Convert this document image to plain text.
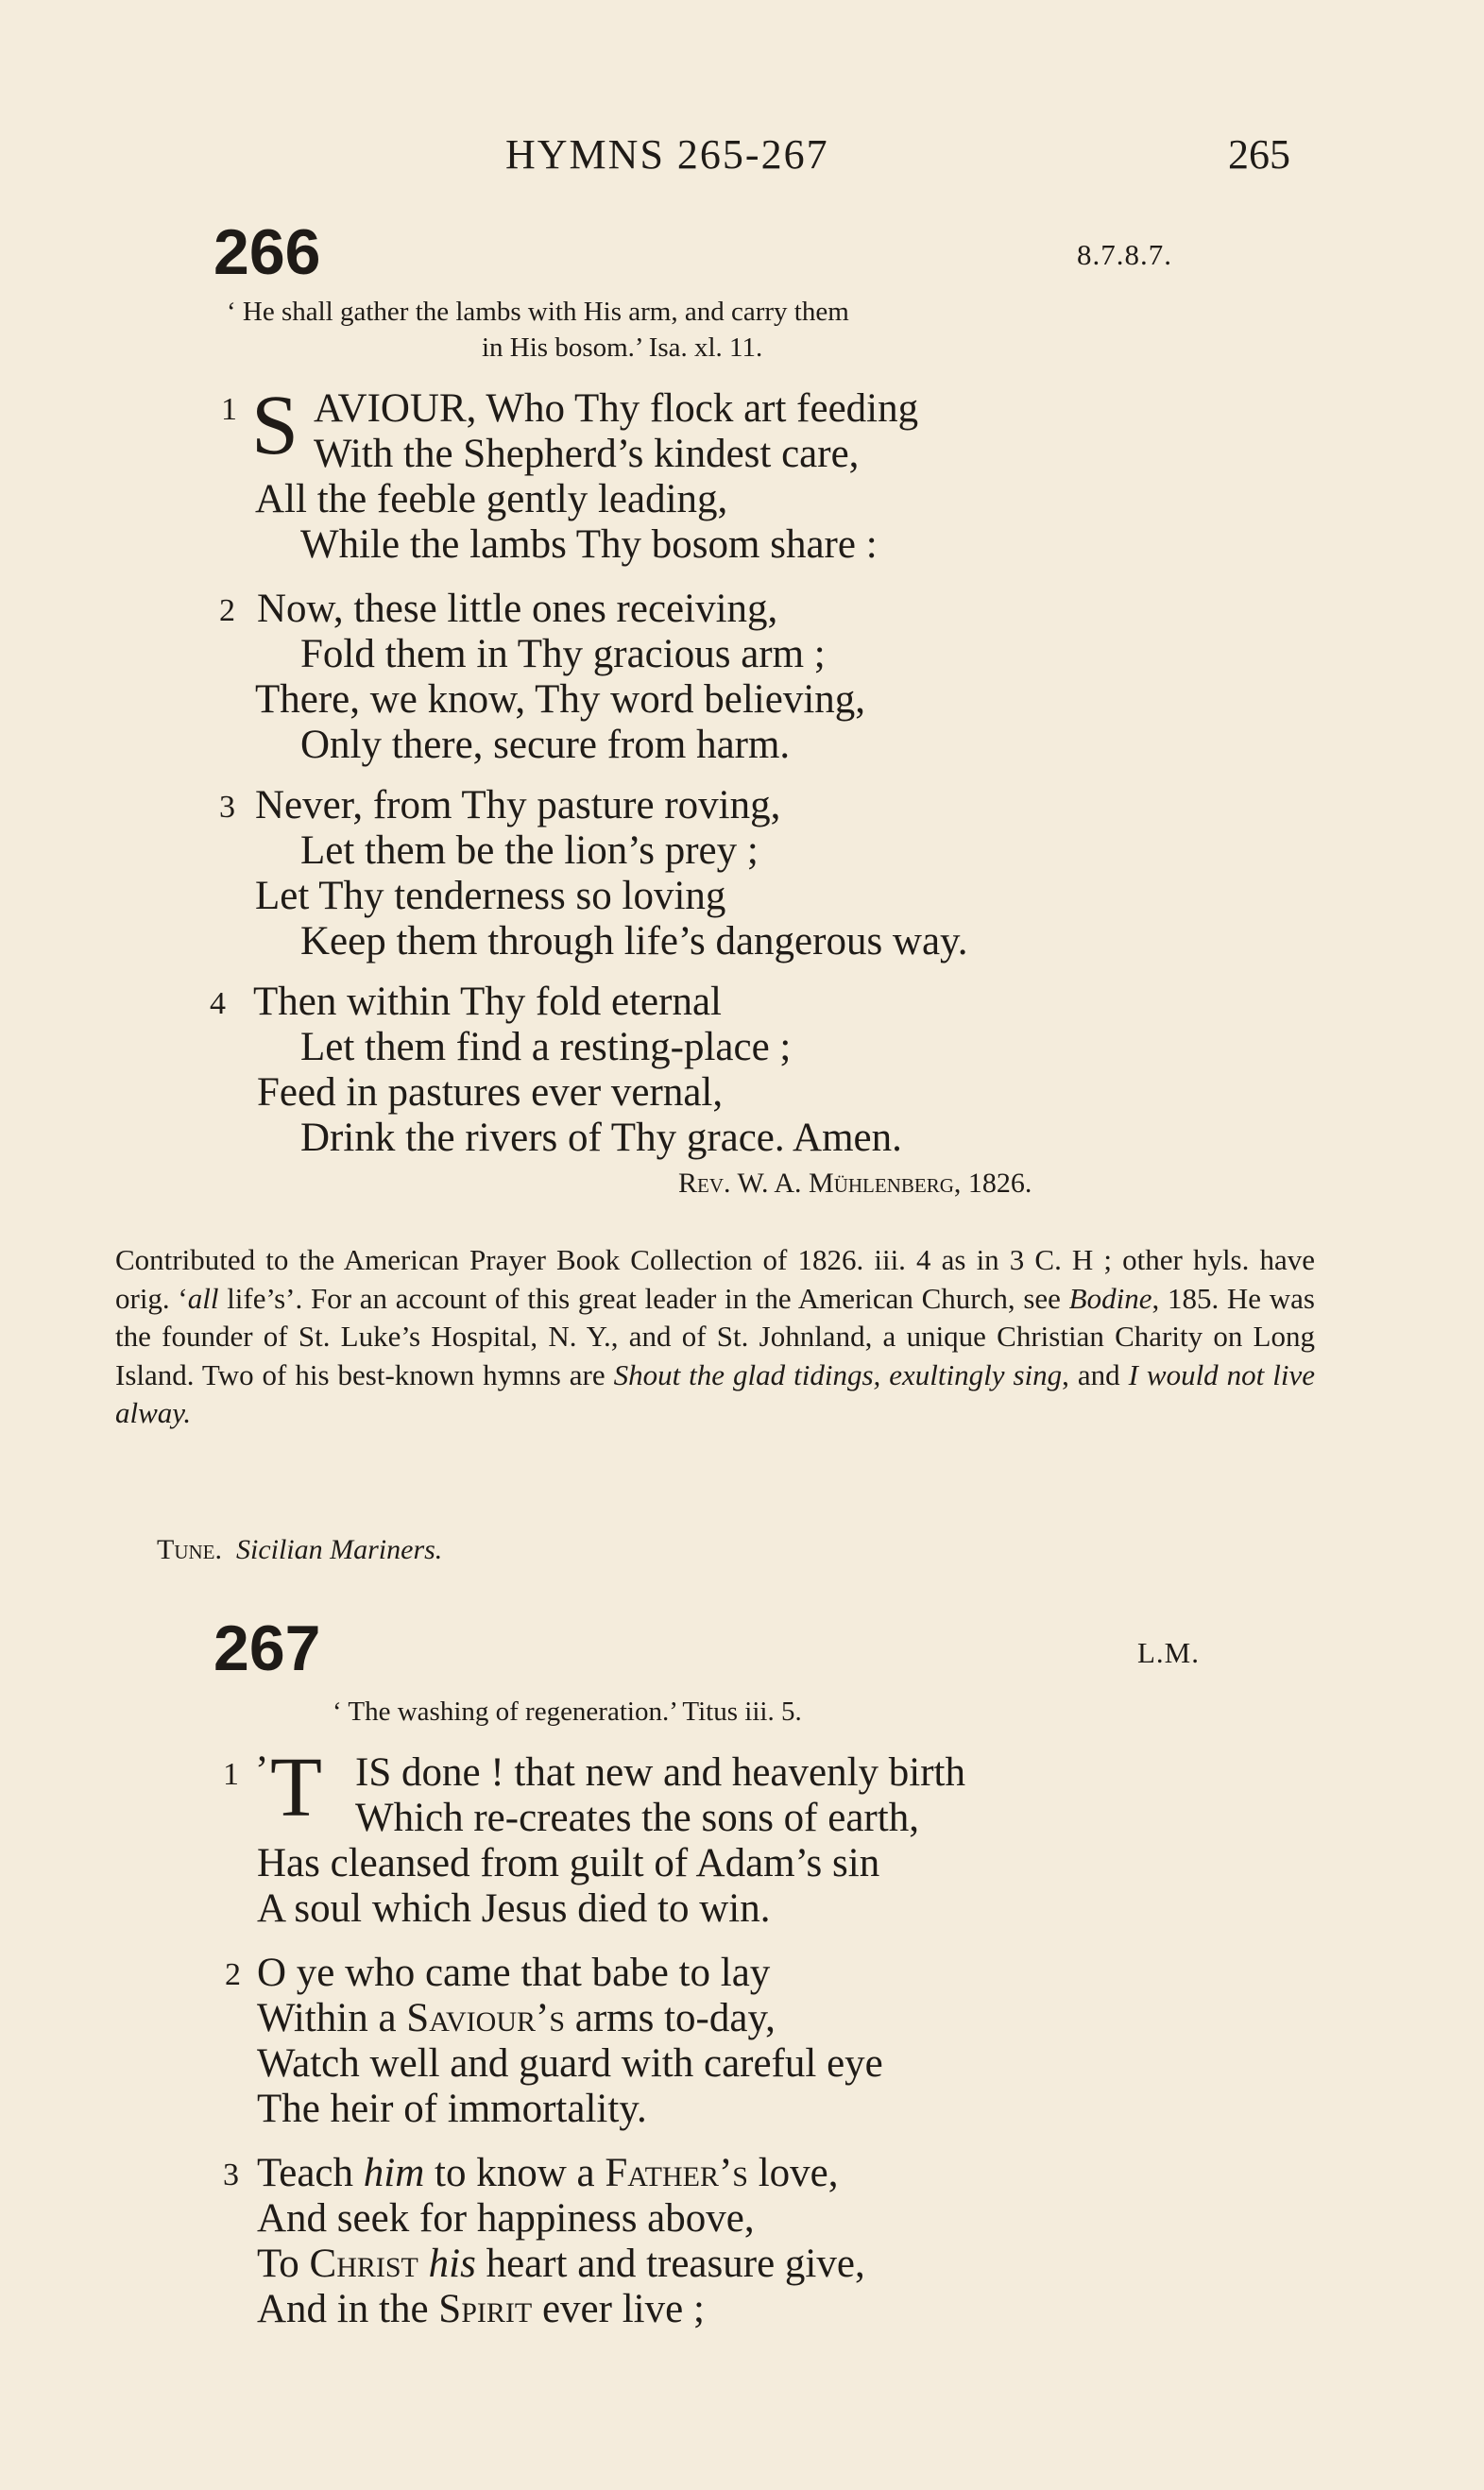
HYMNS 265-267	265
266	8.7.8.7.
‘ He shall gather the lambs with His arm, and carry them
in His bosom.’ Isa. xl. 11.
1 S AVIOUR, Who Thy flock art feeding
With the Shepherd’s kindest care,
All the feeble gently leading,
While the lambs Thy bosom share :
2 Now, these little ones receiving,
Fold them in Thy gracious arm ;
There, we know, Thy word believing,
Only there, secure from harm.
3 Never, from Thy pasture roving,
Let them be the lion’s prey ;
Let Thy tenderness so loving
Keep them through life’s dangerous way.
4 Then within Thy fold eternal
Let them find a resting-place ;
Feed in pastures ever vernal,
Drink the rivers of Thy grace. Amen.
Rev. W. A. Mühlenberg, 1826.
Contributed to the American Prayer Book Collection of 1826. iii. 4 as in 3 C. H ; other hyls. have orig. ‘all life’s’. For an account of this great leader in the American Church, see Bodine, 185. He was the founder of St. Luke’s Hospital, N. Y., and of St. Johnland, a unique Christian Charity on Long Island. Two of his best-known hymns are Shout the glad tidings, exultingly sing, and I would not live alway.
Tune. Sicilian Mariners.
267	L.M.
‘ The washing of regeneration.’ Titus iii. 5.
1 ’ T IS done ! that new and heavenly birth
Which re-creates the sons of earth,
Has cleansed from guilt of Adam’s sin
A soul which Jesus died to win.
2 O ye who came that babe to lay
Within a Saviour’s arms to-day,
Watch well and guard with careful eye
The heir of immortality.
3 Teach him to know a Father’s love,
And seek for happiness above,
To Christ his heart and treasure give,
And in the Spirit ever live ;
